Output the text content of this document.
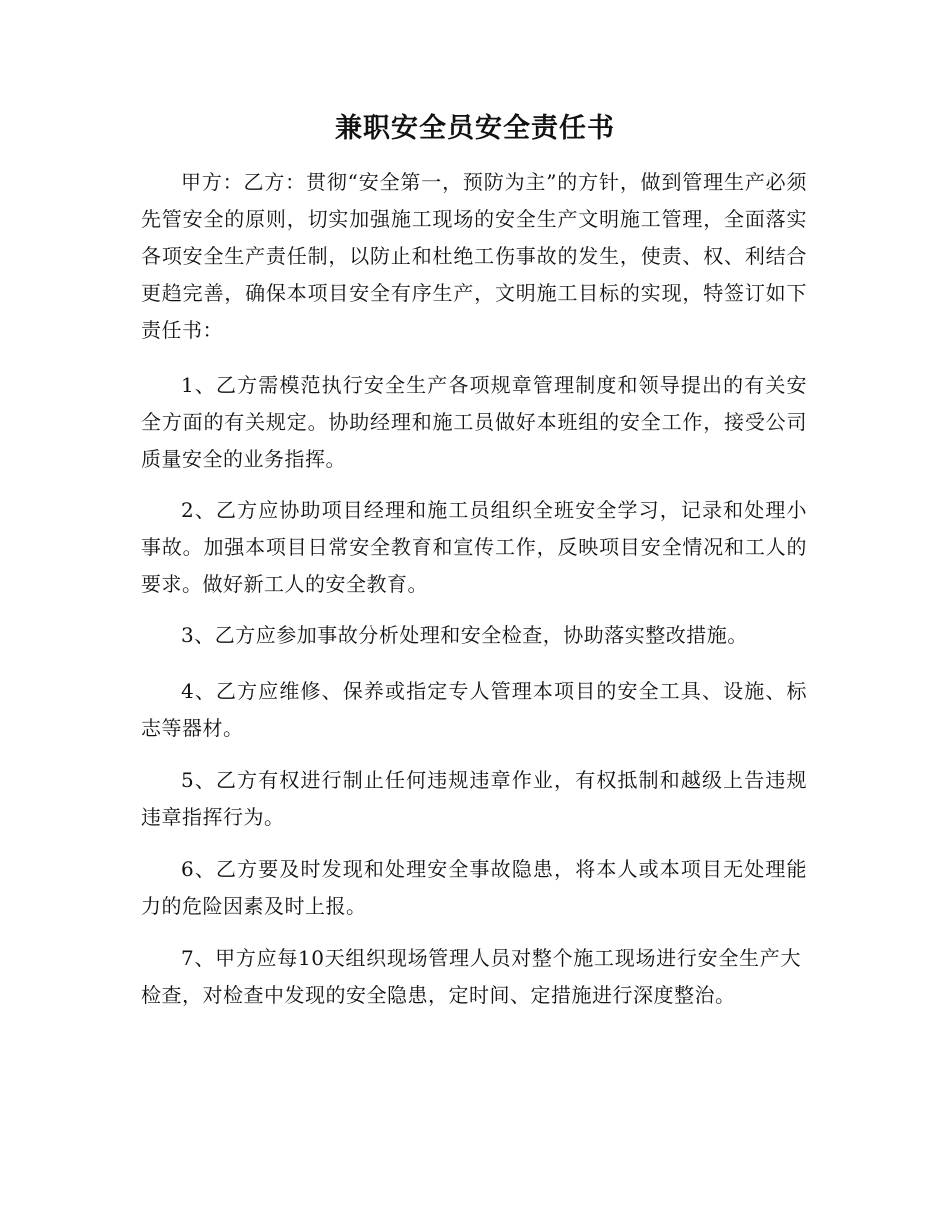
兼职安全员安全责任书

甲方：乙方：贯彻“安全第一，预防为主”的方针，做到管理生产必须先管安全的原则，切实加强施工现场的安全生产文明施工管理，全面落实各项安全生产责任制，以防止和杜绝工伤事故的发生，使责、权、利结合更趋完善，确保本项目安全有序生产，文明施工目标的实现，特签订如下责任书：

1、乙方需模范执行安全生产各项规章管理制度和领导提出的有关安全方面的有关规定。协助经理和施工员做好本班组的安全工作，接受公司质量安全的业务指挥。

2、乙方应协助项目经理和施工员组织全班安全学习，记录和处理小事故。加强本项目日常安全教育和宣传工作，反映项目安全情况和工人的要求。做好新工人的安全教育。

3、乙方应参加事故分析处理和安全检查，协助落实整改措施。

4、乙方应维修、保养或指定专人管理本项目的安全工具、设施、标志等器材。

5、乙方有权进行制止任何违规违章作业，有权抵制和越级上告违规违章指挥行为。

6、乙方要及时发现和处理安全事故隐患，将本人或本项目无处理能力的危险因素及时上报。

7、甲方应每10天组织现场管理人员对整个施工现场进行安全生产大检查，对检查中发现的安全隐患，定时间、定措施进行深度整治。
